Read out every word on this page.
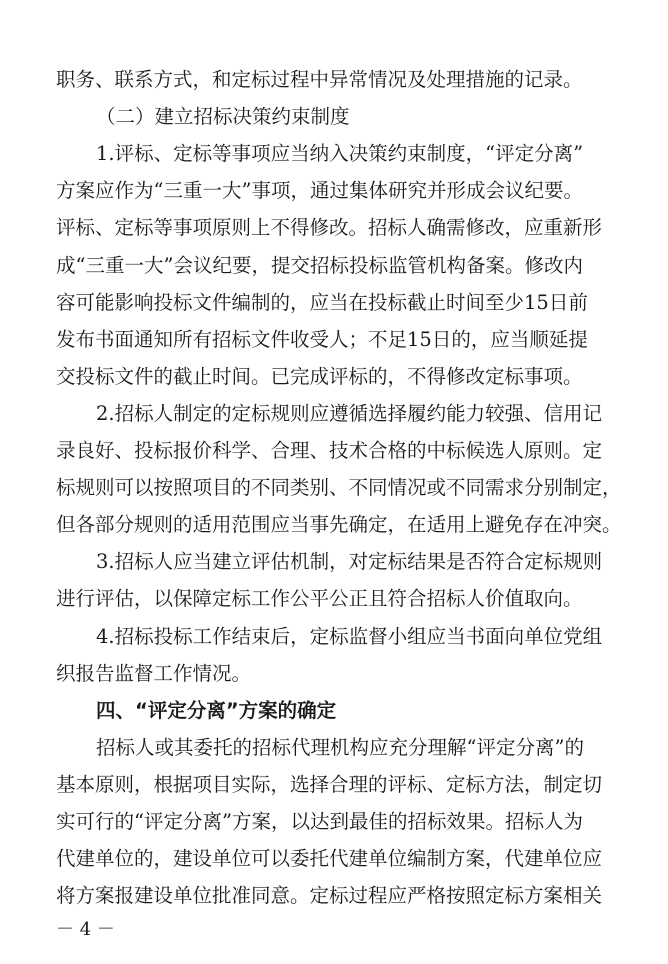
职务、联系方式，和定标过程中异常情况及处理措施的记录。
（二）建立招标决策约束制度
1.评标、定标等事项应当纳入决策约束制度，“评定分离”
方案应作为“三重一大”事项，通过集体研究并形成会议纪要。
评标、定标等事项原则上不得修改。招标人确需修改，应重新形
成“三重一大”会议纪要，提交招标投标监管机构备案。修改内
容可能影响投标文件编制的，应当在投标截止时间至少15日前
发布书面通知所有招标文件收受人；不足15日的，应当顺延提
交投标文件的截止时间。已完成评标的，不得修改定标事项。
2.招标人制定的定标规则应遵循选择履约能力较强、信用记
录良好、投标报价科学、合理、技术合格的中标候选人原则。定
标规则可以按照项目的不同类别、不同情况或不同需求分别制定，
但各部分规则的适用范围应当事先确定，在适用上避免存在冲突。
3.招标人应当建立评估机制，对定标结果是否符合定标规则
进行评估，以保障定标工作公平公正且符合招标人价值取向。
4.招标投标工作结束后，定标监督小组应当书面向单位党组
织报告监督工作情况。
四、“评定分离”方案的确定
招标人或其委托的招标代理机构应充分理解“评定分离”的
基本原则，根据项目实际，选择合理的评标、定标方法，制定切
实可行的“评定分离”方案，以达到最佳的招标效果。招标人为
代建单位的，建设单位可以委托代建单位编制方案，代建单位应
将方案报建设单位批准同意。定标过程应严格按照定标方案相关
－ 4 －
